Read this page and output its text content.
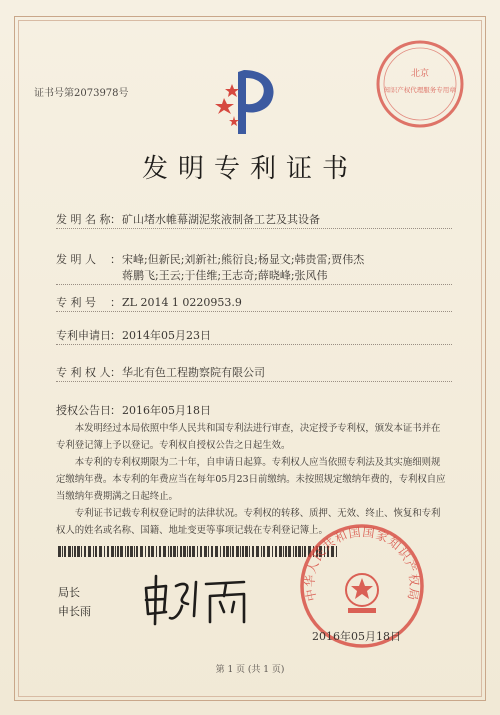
证书号第2073978号
北京
知识产权代理服务专用章
发明专利证书
发 明 名 称：矿山堵水帷幕湖泥浆液制备工艺及其设备
发 明 人 ：宋峰;但新民;刘新社;熊衍良;杨显文;韩贵雷;贾伟杰
蒋鹏飞;王云;于佳维;王志奇;薛晓峰;张风伟
专 利 号 ：ZL 2014 1 0220953.9
专利申请日：2014年05月23日
专 利 权 人：华北有色工程勘察院有限公司
授权公告日：2016年05月18日

本发明经过本局依照中华人民共和国专利法进行审查，决定授予专利权，颁发本证书并在专利登记簿上予以登记。专利权自授权公告之日起生效。

本专利的专利权期限为二十年，自申请日起算。专利权人应当依照专利法及其实施细则规定缴纳年费。本专利的年费应当在每年05月23日前缴纳。未按照规定缴纳年费的，专利权自应当缴纳年费期满之日起终止。

专利证书记载专利权登记时的法律状况。专利权的转移、质押、无效、终止、恢复和专利权人的姓名或名称、国籍、地址变更等事项记载在专利登记簿上。

局长
申长雨
中华人民共和国国家知识产权局
2016年05月18日
第 1 页 (共 1 页)
